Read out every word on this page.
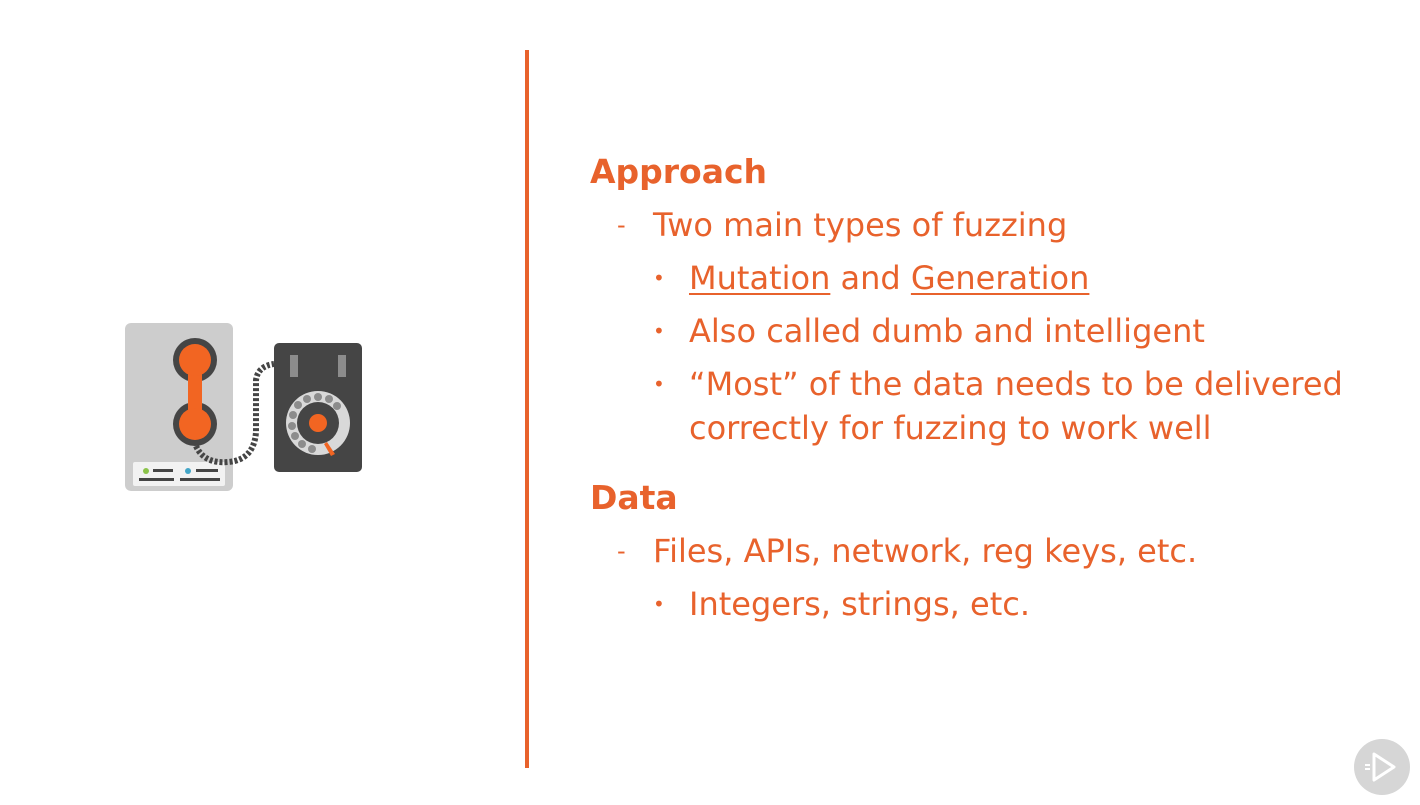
Approach
- Two main types of fuzzing
• Mutation and Generation
• Also called dumb and intelligent
• “Most” of the data needs to be delivered correctly for fuzzing to work well
Data
- Files, APIs, network, reg keys, etc.
• Integers, strings, etc.
